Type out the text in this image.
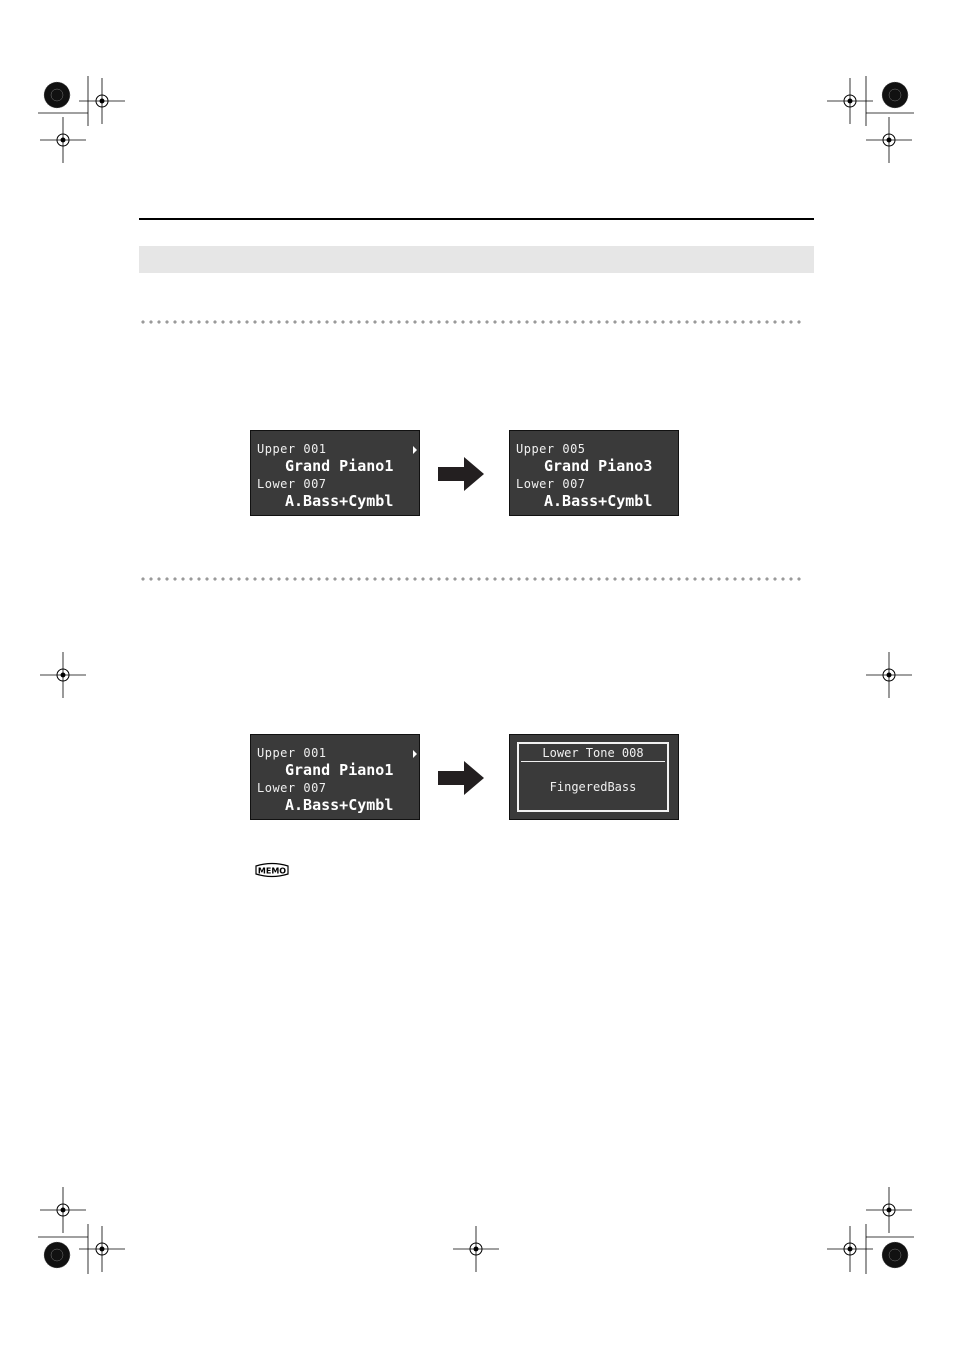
Upper 001
Grand Piano1
Lower 007
A.Bass+Cymbl
Upper 005
Grand Piano3
Lower 007
A.Bass+Cymbl
Upper 001
Grand Piano1
Lower 007
A.Bass+Cymbl
Lower Tone 008
FingeredBass
MEMO
